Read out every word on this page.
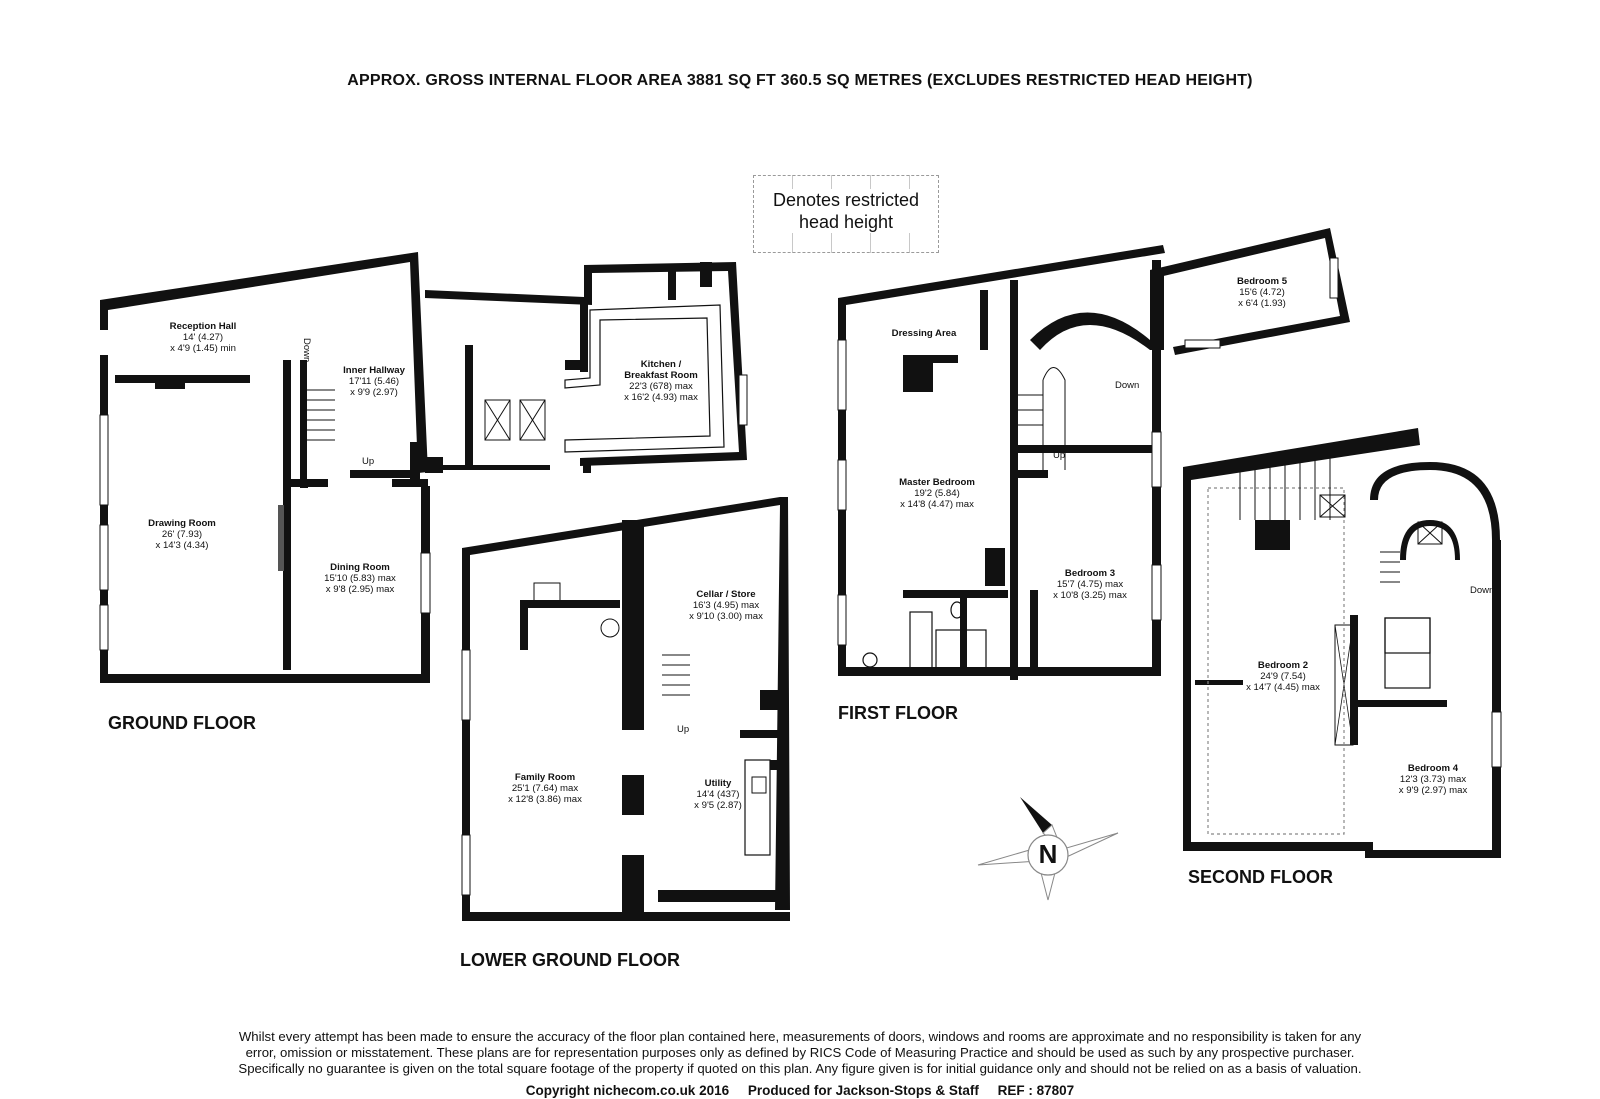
N
APPROX. GROSS INTERNAL FLOOR AREA 3881 SQ FT 360.5 SQ METRES (EXCLUDES RESTRICTED HEAD HEIGHT)
Denotes restricted
head height
GROUND FLOOR
LOWER GROUND FLOOR
FIRST FLOOR
SECOND FLOOR
Reception Hall
14' (4.27)
x 4'9 (1.45) min
Inner Hallway
17'11 (5.46)
x 9'9 (2.97)
Kitchen /
Breakfast Room
22'3 (678) max
x 16'2 (4.93) max
Drawing Room
26' (7.93)
x 14'3 (4.34)
Dining Room
15'10 (5.83) max
x 9'8 (2.95) max	Cellar / Store
16'3 (4.95) max
x 9'10 (3.00) max
Family Room
25'1 (7.64) max
x 12'8 (3.86) max
Utility
14'4 (437)
x 9'5 (2.87)
Dressing Area
Master Bedroom
19'2 (5.84)
x 14'8 (4.47) max
Bedroom 3
15'7 (4.75) max
x 10'8 (3.25) max
Bedroom 5
15'6 (4.72)
x 6'4 (1.93)
Bedroom 2
24'9 (7.54)
x 14'7 (4.45) max
Bedroom 4
12'3 (3.73) max
x 9'9 (2.97) max
Down
Up
Up
Up
Down
Down
Whilst every attempt has been made to ensure the accuracy of the floor plan contained here, measurements of doors, windows and rooms are approximate and no responsibility is taken for any
error, omission or misstatement. These plans are for representation purposes only as defined by RICS Code of Measuring Practice and should be used as such by any prospective purchaser.
Specifically no guarantee is given on the total square footage of the property if quoted on this plan. Any figure given is for initial guidance only and should not be relied on as a basis of valuation.
Copyright nichecom.co.uk 2016     Produced for Jackson-Stops & Staff     REF : 87807
